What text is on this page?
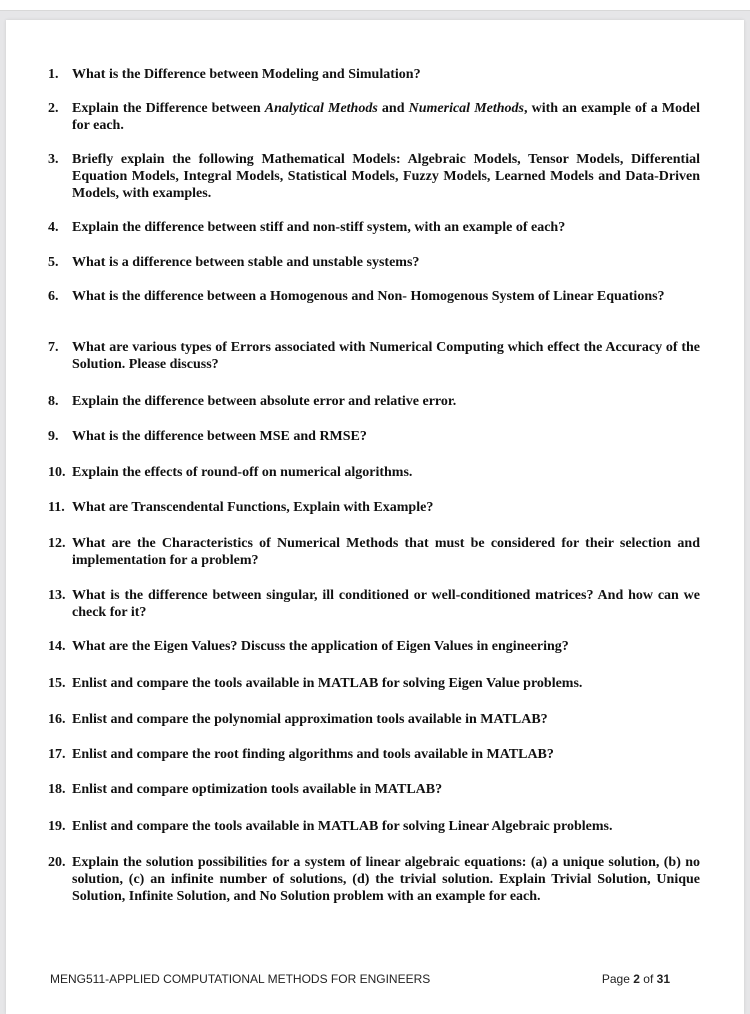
1. What is the Difference between Modeling and Simulation?
2. Explain the Difference between Analytical Methods and Numerical Methods, with an example of a Model for each.
3. Briefly explain the following Mathematical Models: Algebraic Models, Tensor Models, Differential Equation Models, Integral Models, Statistical Models, Fuzzy Models, Learned Models and Data-Driven Models, with examples.
4. Explain the difference between stiff and non-stiff system, with an example of each?
5. What is a difference between stable and unstable systems?
6. What is the difference between a Homogenous and Non- Homogenous System of Linear Equations?
7. What are various types of Errors associated with Numerical Computing which effect the Accuracy of the Solution. Please discuss?
8. Explain the difference between absolute error and relative error.
9. What is the difference between MSE and RMSE?
10. Explain the effects of round-off on numerical algorithms.
11. What are Transcendental Functions, Explain with Example?
12. What are the Characteristics of Numerical Methods that must be considered for their selection and implementation for a problem?
13. What is the difference between singular, ill conditioned or well-conditioned matrices? And how can we check for it?
14. What are the Eigen Values? Discuss the application of Eigen Values in engineering?
15. Enlist and compare the tools available in MATLAB for solving Eigen Value problems.
16. Enlist and compare the polynomial approximation tools available in MATLAB?
17. Enlist and compare the root finding algorithms and tools available in MATLAB?
18. Enlist and compare optimization tools available in MATLAB?
19. Enlist and compare the tools available in MATLAB for solving Linear Algebraic problems.
20. Explain the solution possibilities for a system of linear algebraic equations: (a) a unique solution, (b) no solution, (c) an infinite number of solutions, (d) the trivial solution. Explain Trivial Solution, Unique Solution, Infinite Solution, and No Solution problem with an example for each.
MENG511-APPLIED COMPUTATIONAL METHODS FOR ENGINEERS	Page 2 of 31
